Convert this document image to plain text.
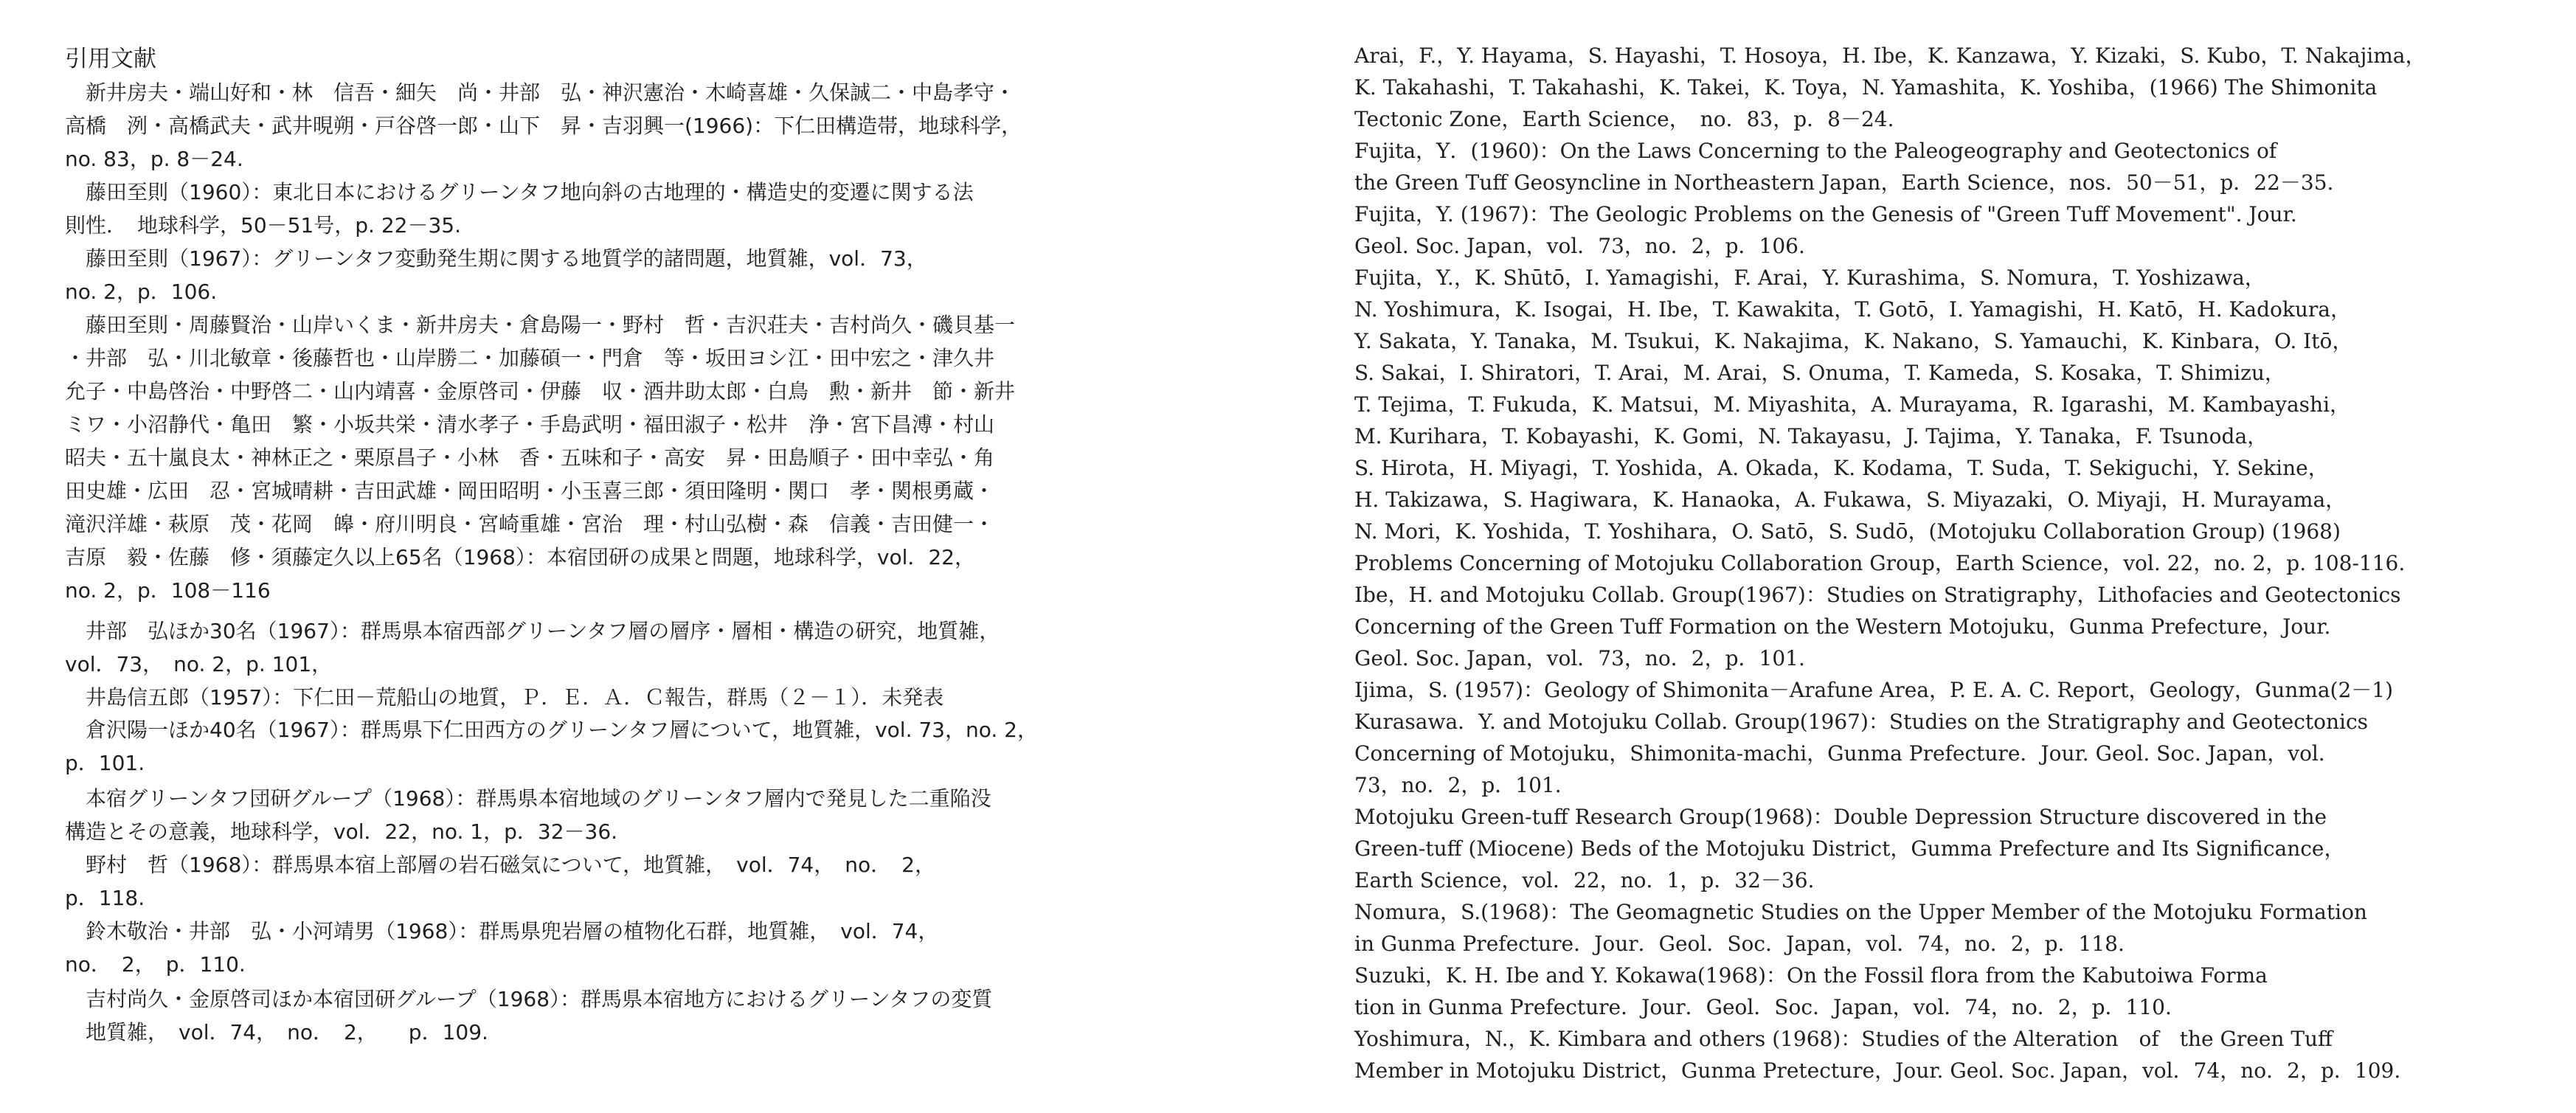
引用文献
　新井房夫・端山好和・林　信吾・細矢　尚・井部　弘・神沢憲治・木崎喜雄・久保誠二・中島孝守・
高橋　洌・高橋武夫・武井晛朔・戸谷啓一郎・山下　昇・吉羽興一(1966)：下仁田構造帯，地球科学，
no. 83，p. 8－24.
　藤田至則（1960）：東北日本におけるグリーンタフ地向斜の古地理的・構造史的変遷に関する法
則性．　地球科学，50－51号，p. 22－35.
　藤田至則（1967）：グリーンタフ変動発生期に関する地質学的諸問題，地質雑，vol．73，
no. 2，p．106.
　藤田至則・周藤賢治・山岸いくま・新井房夫・倉島陽一・野村　哲・吉沢荘夫・吉村尚久・磯貝基一
・井部　弘・川北敏章・後藤哲也・山岸勝二・加藤碩一・門倉　等・坂田ヨシ江・田中宏之・津久井
允子・中島啓治・中野啓二・山内靖喜・金原啓司・伊藤　収・酒井助太郎・白鳥　勲・新井　節・新井
ミワ・小沼静代・亀田　繁・小坂共栄・清水孝子・手島武明・福田淑子・松井　浄・宮下昌溥・村山
昭夫・五十嵐良太・神林正之・栗原昌子・小林　香・五味和子・高安　昇・田島順子・田中幸弘・角
田史雄・広田　忍・宮城晴耕・吉田武雄・岡田昭明・小玉喜三郎・須田隆明・関口　孝・関根勇蔵・
滝沢洋雄・萩原　茂・花岡　皞・府川明良・宮崎重雄・宮治　理・村山弘樹・森　信義・吉田健一・
吉原　毅・佐藤　修・須藤定久以上65名（1968）：本宿団研の成果と問題，地球科学，vol．22，
no. 2，p．108－116
　井部　弘ほか30名（1967）：群馬県本宿西部グリーンタフ層の層序・層相・構造の研究，地質雑，
vol．73，　no. 2，p. 101，
　井島信五郎（1957）：下仁田－荒船山の地質，Ｐ．Ｅ．Ａ．Ｃ報告，群馬（２－１）．未発表
　倉沢陽一ほか40名（1967）：群馬県下仁田西方のグリーンタフ層について，地質雑，vol. 73，no. 2，
p．101.
　本宿グリーンタフ団研グループ（1968）：群馬県本宿地域のグリーンタフ層内で発見した二重陥没
構造とその意義，地球科学，vol．22，no. 1，p．32－36.
　野村　哲（1968）：群馬県本宿上部層の岩石磁気について，地質雑，　vol．74，　no．　2，
p．118.
　鈴木敬治・井部　弘・小河靖男（1968）：群馬県兜岩層の植物化石群，地質雑，　vol．74，
no．　2，　p．110.
　吉村尚久・金原啓司ほか本宿団研グループ（1968）：群馬県本宿地方におけるグリーンタフの変質
　地質雑，　vol．74，　no．　2，　　p．109.
Arai，F.，Y. Hayama，S. Hayashi，T. Hosoya，H. Ibe，K. Kanzawa，Y. Kizaki，S. Kubo，T. Nakajima，
K. Takahashi，T. Takahashi，K. Takei，K. Toya，N. Yamashita，K. Yoshiba，(1966) The Shimonita
Tectonic Zone，Earth Science，　no．83，p．8－24.
Fujita，Y．(1960)：On the Laws Concerning to the Paleogeography and Geotectonics of
the Green Tuff Geosyncline in Northeastern Japan，Earth Science，nos．50－51，p．22－35.
Fujita，Y. (1967)：The Geologic Problems on the Genesis of "Green Tuff Movement". Jour.
Geol. Soc. Japan，vol．73，no．2，p．106.
Fujita，Y.，K. Shūtō，I. Yamagishi，F. Arai，Y. Kurashima，S. Nomura，T. Yoshizawa，
N. Yoshimura，K. Isogai，H. Ibe，T. Kawakita，T. Gotō，I. Yamagishi，H. Katō，H. Kadokura，
Y. Sakata，Y. Tanaka，M. Tsukui，K. Nakajima，K. Nakano，S. Yamauchi，K. Kinbara，O. Itō，
S. Sakai，I. Shiratori，T. Arai，M. Arai，S. Onuma，T. Kameda，S. Kosaka，T. Shimizu，
T. Tejima，T. Fukuda，K. Matsui，M. Miyashita，A. Murayama，R. Igarashi，M. Kambayashi，
M. Kurihara，T. Kobayashi，K. Gomi，N. Takayasu，J. Tajima，Y. Tanaka，F. Tsunoda，
S. Hirota，H. Miyagi，T. Yoshida，A. Okada，K. Kodama，T. Suda，T. Sekiguchi，Y. Sekine，
H. Takizawa，S. Hagiwara，K. Hanaoka，A. Fukawa，S. Miyazaki，O. Miyaji，H. Murayama，
N. Mori，K. Yoshida，T. Yoshihara，O. Satō，S. Sudō，(Motojuku Collaboration Group) (1968)
Problems Concerning of Motojuku Collaboration Group，Earth Science，vol. 22，no. 2，p. 108-116.
Ibe，H. and Motojuku Collab. Group(1967)：Studies on Stratigraphy，Lithofacies and Geotectonics
Concerning of the Green Tuff Formation on the Western Motojuku，Gunma Prefecture，Jour.
Geol. Soc. Japan，vol．73，no．2，p．101.
Ijima，S. (1957)：Geology of Shimonita－Arafune Area，P. E. A. C. Report，Geology，Gunma(2－1)
Kurasawa．Y. and Motojuku Collab. Group(1967)：Studies on the Stratigraphy and Geotectonics
Concerning of Motojuku，Shimonita-machi，Gunma Prefecture．Jour. Geol. Soc. Japan，vol．
73，no．2，p．101.
Motojuku Green-tuff Research Group(1968)：Double Depression Structure discovered in the
Green-tuff (Miocene) Beds of the Motojuku District，Gumma Prefecture and Its Significance，
Earth Science，vol．22，no．1，p．32－36.
Nomura，S.(1968)：The Geomagnetic Studies on the Upper Member of the Motojuku Formation
in Gunma Prefecture．Jour．Geol．Soc．Japan，vol．74，no．2，p．118.
Suzuki，K. H. Ibe and Y. Kokawa(1968)：On the Fossil flora from the Kabutoiwa Forma
tion in Gunma Prefecture．Jour．Geol．Soc．Japan，vol．74，no．2，p．110.
Yoshimura，N.，K. Kimbara and others (1968)：Studies of the Alteration　of　the Green Tuff
Member in Motojuku District，Gunma Pretecture，Jour. Geol. Soc. Japan，vol．74，no．2，p．109.
